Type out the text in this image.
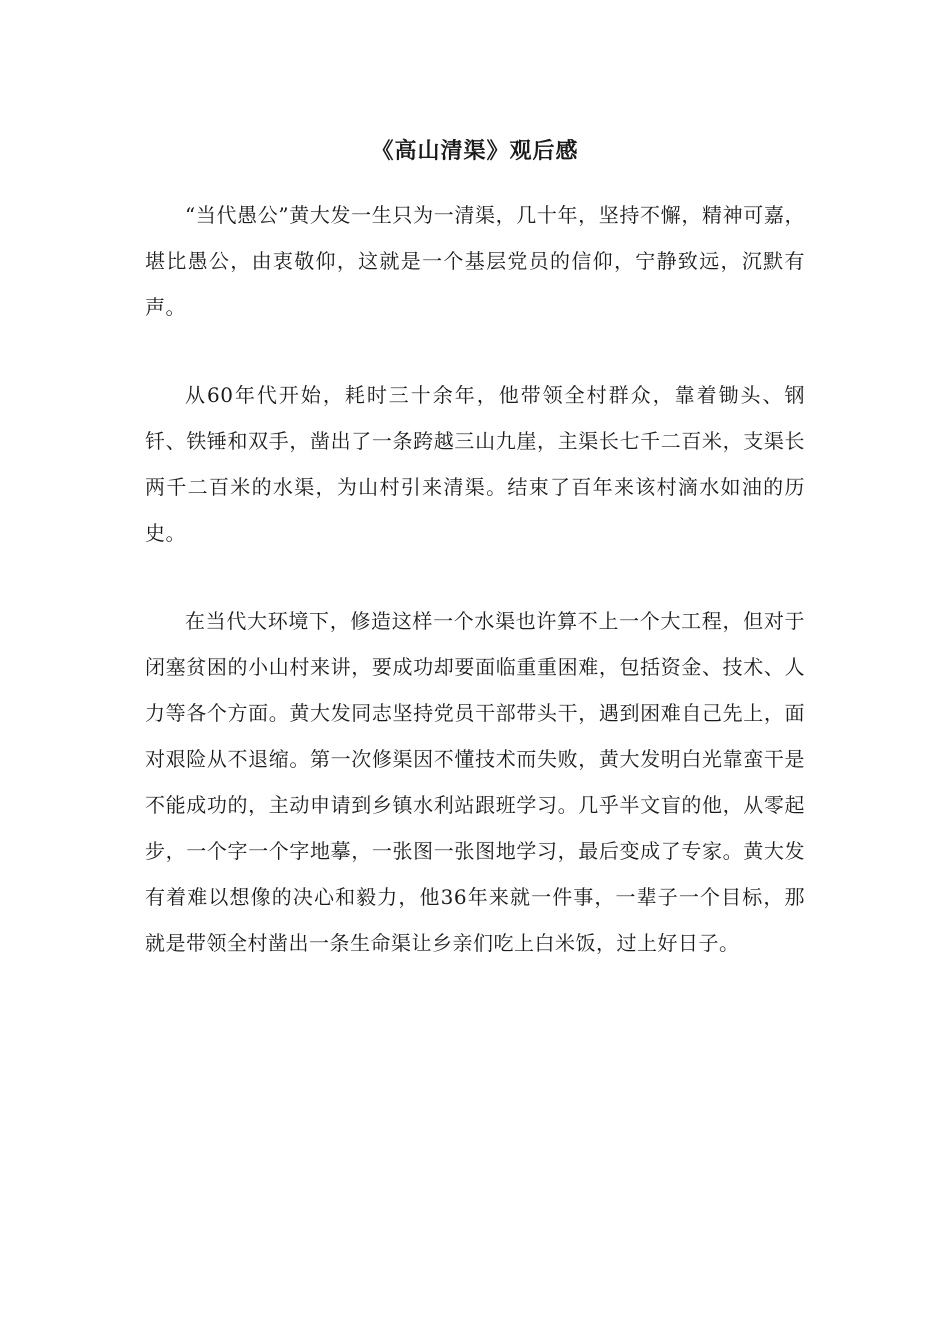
《高山清渠》观后感

“当代愚公”黄大发一生只为一清渠，几十年，坚持不懈，精神可嘉，堪比愚公，由衷敬仰，这就是一个基层党员的信仰，宁静致远，沉默有声。

从60年代开始，耗时三十余年，他带领全村群众，靠着锄头、钢钎、铁锤和双手，凿出了一条跨越三山九崖，主渠长七千二百米，支渠长两千二百米的水渠，为山村引来清渠。结束了百年来该村滴水如油的历史。

在当代大环境下，修造这样一个水渠也许算不上一个大工程，但对于闭塞贫困的小山村来讲，要成功却要面临重重困难，包括资金、技术、人力等各个方面。黄大发同志坚持党员干部带头干，遇到困难自己先上，面对艰险从不退缩。第一次修渠因不懂技术而失败，黄大发明白光靠蛮干是不能成功的，主动申请到乡镇水利站跟班学习。几乎半文盲的他，从零起步，一个字一个字地摹，一张图一张图地学习，最后变成了专家。黄大发有着难以想像的决心和毅力，他36年来就一件事，一辈子一个目标，那就是带领全村凿出一条生命渠让乡亲们吃上白米饭，过上好日子。
